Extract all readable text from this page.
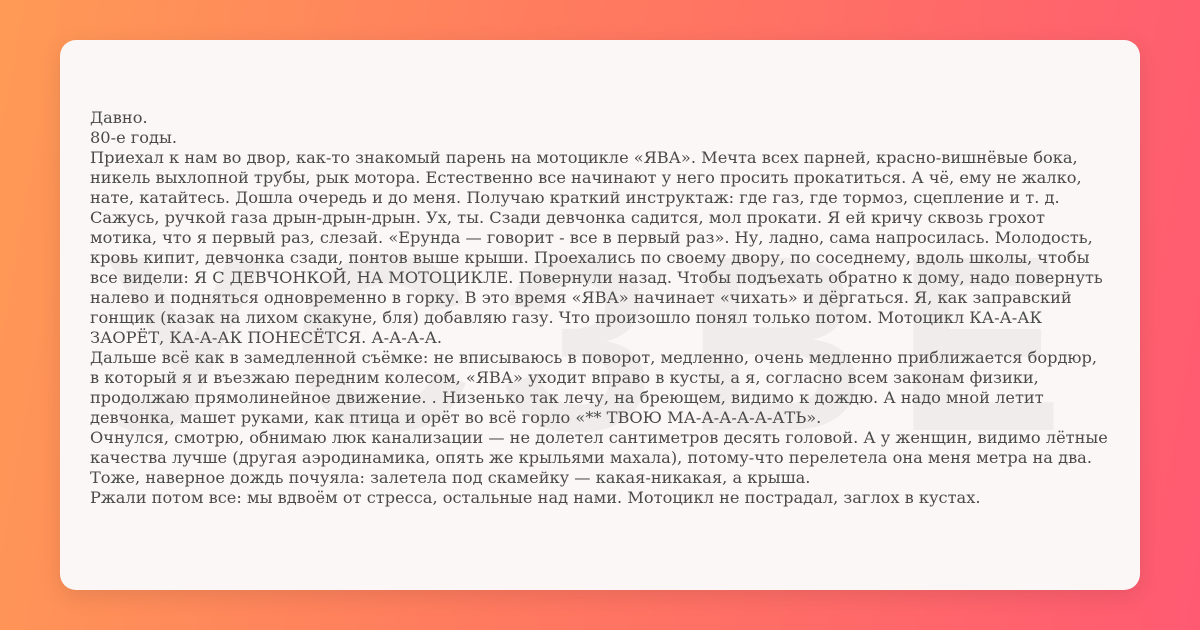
Давно.

80-е годы.

Приехал к нам во двор, как-то знакомый парень на мотоцикле «ЯВА». Мечта всех парней, красно-вишнёвые бока, никель выхлопной трубы, рык мотора. Естественно все начинают у него просить прокатиться. А чё, ему не жалко, нате, катайтесь. Дошла очередь и до меня. Получаю краткий инструктаж: где газ, где тормоз, сцепление и т. д. Сажусь, ручкой газа дрын-дрын-дрын. Ух, ты. Сзади девчонка садится, мол прокати. Я ей кричу сквозь грохот мотика, что я первый раз, слезай. «Ерунда — говорит - все в первый раз». Ну, ладно, сама напросилась. Молодость, кровь кипит, девчонка сзади, понтов выше крыши. Проехались по своему двору, по соседнему, вдоль школы, чтобы все видели: Я С ДЕВЧОНКОЙ, НА МОТОЦИКЛЕ. Повернули назад. Чтобы подъехать обратно к дому, надо повернуть налево и подняться одновременно в горку. В это время «ЯВА» начинает «чихать» и дёргаться. Я, как заправский гонщик (казак на лихом скакуне, бля) добавляю газу. Что произошло понял только потом. Мотоцикл КА-А-АК ЗАОРЁТ, КА-А-АК ПОНЕСЁТСЯ. А-А-А-А.

Дальше всё как в замедленной съёмке: не вписываюсь в поворот, медленно, очень медленно приближается бордюр, в который я и въезжаю передним колесом, «ЯВА» уходит вправо в кусты, а я, согласно всем законам физики, продолжаю прямолинейное движение. . Низенько так лечу, на бреющем, видимо к дождю. А надо мной летит девчонка, машет руками, как птица и орёт во всё горло «** ТВОЮ МА-А-А-А-А-АТЬ».

Очнулся, смотрю, обнимаю люк канализации — не долетел сантиметров десять головой. А у женщин, видимо лётные качества лучше (другая аэродинамика, опять же крыльями махала), потому-что перелетела она меня метра на два.

Тоже, наверное дождь почуяла: залетела под скамейку — какая-никакая, а крыша.

Ржали потом все: мы вдвоём от стресса, остальные над нами. Мотоцикл не пострадал, заглох в кустах.
